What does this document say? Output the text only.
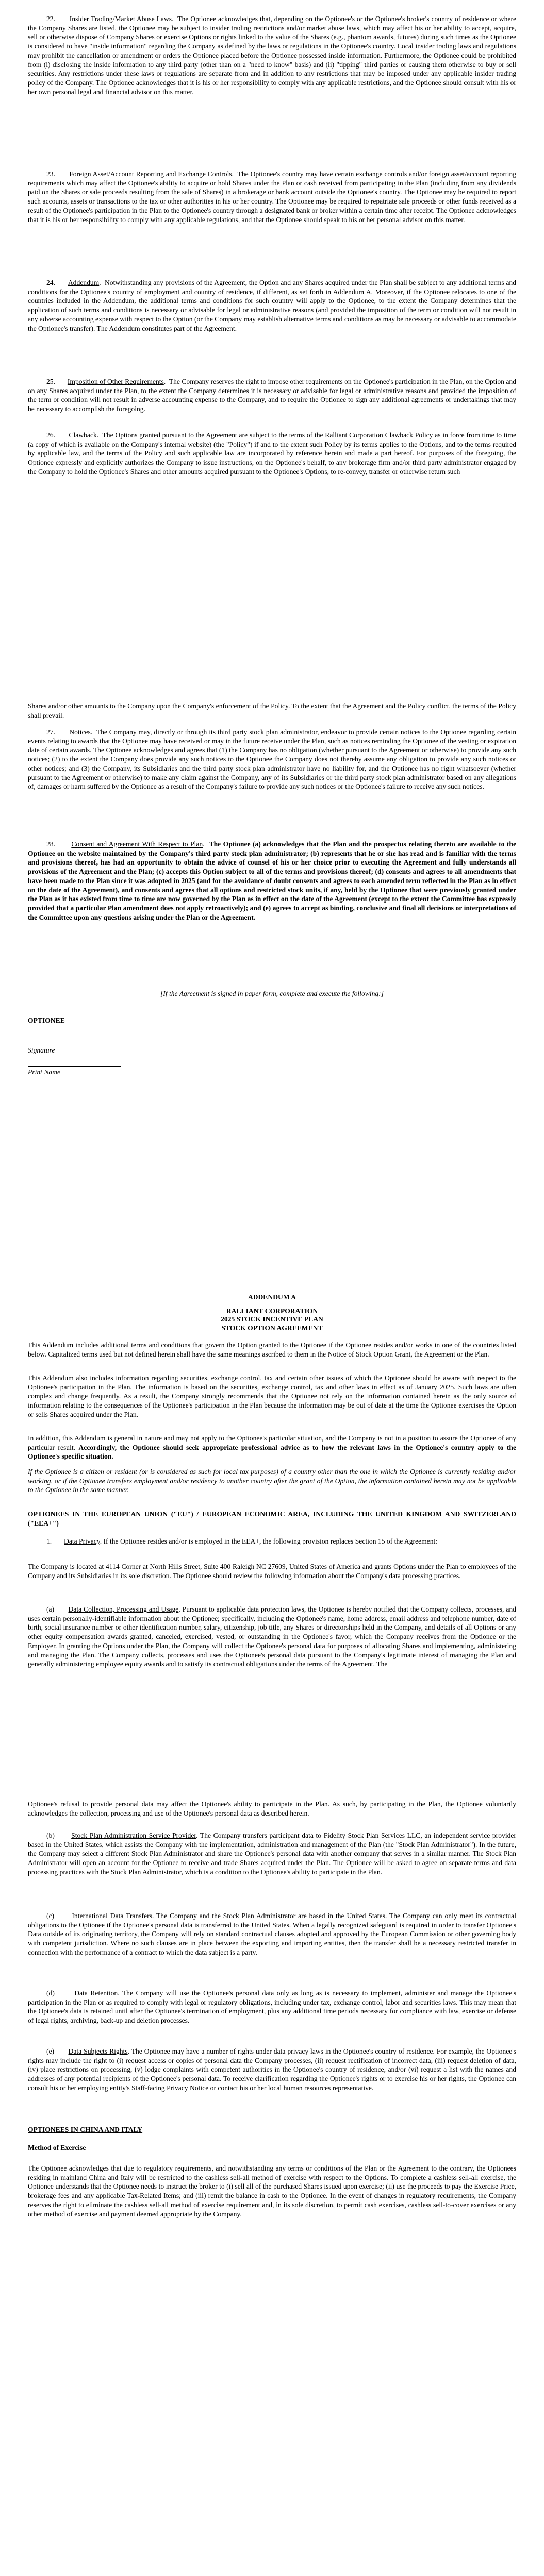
22. Insider Trading/Market Abuse Laws.  The Optionee acknowledges that, depending on the Optionee's or the Optionee's broker's country of residence or where the Company Shares are listed, the Optionee may be subject to insider trading restrictions and/or market abuse laws, which may affect his or her ability to accept, acquire, sell or otherwise dispose of Company Shares or exercise Options or rights linked to the value of the Shares (e.g., phantom awards, futures) during such times as the Optionee is considered to have "inside information" regarding the Company as defined by the laws or regulations in the Optionee's country. Local insider trading laws and regulations may prohibit the cancellation or amendment or orders the Optionee placed before the Optionee possessed inside information. Furthermore, the Optionee could be prohibited from (i) disclosing the inside information to any third party (other than on a "need to know" basis) and (ii) "tipping" third parties or causing them otherwise to buy or sell securities. Any restrictions under these laws or regulations are separate from and in addition to any restrictions that may be imposed under any applicable insider trading policy of the Company. The Optionee acknowledges that it is his or her responsibility to comply with any applicable restrictions, and the Optionee should consult with his or her own personal legal and financial advisor on this matter.

23. Foreign Asset/Account Reporting and Exchange Controls.  The Optionee's country may have certain exchange controls and/or foreign asset/account reporting requirements which may affect the Optionee's ability to acquire or hold Shares under the Plan or cash received from participating in the Plan (including from any dividends paid on the Shares or sale proceeds resulting from the sale of Shares) in a brokerage or bank account outside the Optionee's country. The Optionee may be required to report such accounts, assets or transactions to the tax or other authorities in his or her country. The Optionee may be required to repatriate sale proceeds or other funds received as a result of the Optionee's participation in the Plan to the Optionee's country through a designated bank or broker within a certain time after receipt. The Optionee acknowledges that it is his or her responsibility to comply with any applicable regulations, and that the Optionee should speak to his or her personal advisor on this matter.

24. Addendum.  Notwithstanding any provisions of the Agreement, the Option and any Shares acquired under the Plan shall be subject to any additional terms and conditions for the Optionee's country of employment and country of residence, if different, as set forth in Addendum A. Moreover, if the Optionee relocates to one of the countries included in the Addendum, the additional terms and conditions for such country will apply to the Optionee, to the extent the Company determines that the application of such terms and conditions is necessary or advisable for legal or administrative reasons (and provided the imposition of the term or condition will not result in any adverse accounting expense with respect to the Option (or the Company may establish alternative terms and conditions as may be necessary or advisable to accommodate the Optionee's transfer). The Addendum constitutes part of the Agreement.

25. Imposition of Other Requirements.  The Company reserves the right to impose other requirements on the Optionee's participation in the Plan, on the Option and on any Shares acquired under the Plan, to the extent the Company determines it is necessary or advisable for legal or administrative reasons and provided the imposition of the term or condition will not result in adverse accounting expense to the Company, and to require the Optionee to sign any additional agreements or undertakings that may be necessary to accomplish the foregoing.

26. Clawback.  The Options granted pursuant to the Agreement are subject to the terms of the Ralliant Corporation Clawback Policy as in force from time to time (a copy of which is available on the Company's internal website) (the "Policy") if and to the extent such Policy by its terms applies to the Options, and to the terms required by applicable law, and the terms of the Policy and such applicable law are incorporated by reference herein and made a part hereof. For purposes of the foregoing, the Optionee expressly and explicitly authorizes the Company to issue instructions, on the Optionee's behalf, to any brokerage firm and/or third party administrator engaged by the Company to hold the Optionee's Shares and other amounts acquired pursuant to the Optionee's Options, to re-convey, transfer or otherwise return such

Shares and/or other amounts to the Company upon the Company's enforcement of the Policy. To the extent that the Agreement and the Policy conflict, the terms of the Policy shall prevail.

27. Notices.  The Company may, directly or through its third party stock plan administrator, endeavor to provide certain notices to the Optionee regarding certain events relating to awards that the Optionee may have received or may in the future receive under the Plan, such as notices reminding the Optionee of the vesting or expiration date of certain awards. The Optionee acknowledges and agrees that (1) the Company has no obligation (whether pursuant to the Agreement or otherwise) to provide any such notices; (2) to the extent the Company does provide any such notices to the Optionee the Company does not thereby assume any obligation to provide any such notices or other notices; and (3) the Company, its Subsidiaries and the third party stock plan administrator have no liability for, and the Optionee has no right whatsoever (whether pursuant to the Agreement or otherwise) to make any claim against the Company, any of its Subsidiaries or the third party stock plan administrator based on any allegations of, damages or harm suffered by the Optionee as a result of the Company's failure to provide any such notices or the Optionee's failure to receive any such notices.

28. Consent and Agreement With Respect to Plan.  The Optionee (a) acknowledges that the Plan and the prospectus relating thereto are available to the Optionee on the website maintained by the Company's third party stock plan administrator; (b) represents that he or she has read and is familiar with the terms and provisions thereof, has had an opportunity to obtain the advice of counsel of his or her choice prior to executing the Agreement and fully understands all provisions of the Agreement and the Plan; (c) accepts this Option subject to all of the terms and provisions thereof; (d) consents and agrees to all amendments that have been made to the Plan since it was adopted in 2025 (and for the avoidance of doubt consents and agrees to each amended term reflected in the Plan as in effect on the date of the Agreement), and consents and agrees that all options and restricted stock units, if any, held by the Optionee that were previously granted under the Plan as it has existed from time to time are now governed by the Plan as in effect on the date of the Agreement (except to the extent the Committee has expressly provided that a particular Plan amendment does not apply retroactively); and (e) agrees to accept as binding, conclusive and final all decisions or interpretations of the Committee upon any questions arising under the Plan or the Agreement.

[If the Agreement is signed in paper form, complete and execute the following:]

OPTIONEE

Signature

Print Name

ADDENDUM A
RALLIANT CORPORATION
2025 STOCK INCENTIVE PLAN
STOCK OPTION AGREEMENT

This Addendum includes additional terms and conditions that govern the Option granted to the Optionee if the Optionee resides and/or works in one of the countries listed below. Capitalized terms used but not defined herein shall have the same meanings ascribed to them in the Notice of Stock Option Grant, the Agreement or the Plan.

This Addendum also includes information regarding securities, exchange control, tax and certain other issues of which the Optionee should be aware with respect to the Optionee's participation in the Plan. The information is based on the securities, exchange control, tax and other laws in effect as of January 2025. Such laws are often complex and change frequently. As a result, the Company strongly recommends that the Optionee not rely on the information contained herein as the only source of information relating to the consequences of the Optionee's participation in the Plan because the information may be out of date at the time the Optionee exercises the Option or sells Shares acquired under the Plan.

In addition, this Addendum is general in nature and may not apply to the Optionee's particular situation, and the Company is not in a position to assure the Optionee of any particular result. Accordingly, the Optionee should seek appropriate professional advice as to how the relevant laws in the Optionee's country apply to the Optionee's specific situation.

If the Optionee is a citizen or resident (or is considered as such for local tax purposes) of a country other than the one in which the Optionee is currently residing and/or working, or if the Optionee transfers employment and/or residency to another country after the grant of the Option, the information contained herein may not be applicable to the Optionee in the same manner.

OPTIONEES IN THE EUROPEAN UNION ("EU") / EUROPEAN ECONOMIC AREA, INCLUDING THE UNITED KINGDOM AND SWITZERLAND ("EEA+")

1. Data Privacy. If the Optionee resides and/or is employed in the EEA+, the following provision replaces Section 15 of the Agreement:

The Company is located at 4114 Corner at North Hills Street, Suite 400 Raleigh NC 27609, United States of America and grants Options under the Plan to employees of the Company and its Subsidiaries in its sole discretion. The Optionee should review the following information about the Company's data processing practices.

(a) Data Collection, Processing and Usage. Pursuant to applicable data protection laws, the Optionee is hereby notified that the Company collects, processes, and uses certain personally-identifiable information about the Optionee; specifically, including the Optionee's name, home address, email address and telephone number, date of birth, social insurance number or other identification number, salary, citizenship, job title, any Shares or directorships held in the Company, and details of all Options or any other equity compensation awards granted, canceled, exercised, vested, or outstanding in the Optionee's favor, which the Company receives from the Optionee or the Employer. In granting the Options under the Plan, the Company will collect the Optionee's personal data for purposes of allocating Shares and implementing, administering and managing the Plan. The Company collects, processes and uses the Optionee's personal data pursuant to the Company's legitimate interest of managing the Plan and generally administering employee equity awards and to satisfy its contractual obligations under the terms of the Agreement. The

Optionee's refusal to provide personal data may affect the Optionee's ability to participate in the Plan. As such, by participating in the Plan, the Optionee voluntarily acknowledges the collection, processing and use of the Optionee's personal data as described herein.

(b) Stock Plan Administration Service Provider. The Company transfers participant data to Fidelity Stock Plan Services LLC, an independent service provider based in the United States, which assists the Company with the implementation, administration and management of the Plan (the "Stock Plan Administrator"). In the future, the Company may select a different Stock Plan Administrator and share the Optionee's personal data with another company that serves in a similar manner. The Stock Plan Administrator will open an account for the Optionee to receive and trade Shares acquired under the Plan. The Optionee will be asked to agree on separate terms and data processing practices with the Stock Plan Administrator, which is a condition to the Optionee's ability to participate in the Plan.

(c)	International Data Transfers. The Company and the Stock Plan Administrator are based in the United States. The Company can only meet its contractual obligations to the Optionee if the Optionee's personal data is transferred to the United States. When a legally recognized safeguard is required in order to transfer Optionee's Data outside of its originating territory, the Company will rely on standard contractual clauses adopted and approved by the European Commission or other governing body with competent jurisdiction. Where no such clauses are in place between the exporting and importing entities, then the transfer shall be a necessary restricted transfer in connection with the performance of a contract to which the data subject is a party.

(d)	Data Retention. The Company will use the Optionee's personal data only as long as is necessary to implement, administer and manage the Optionee's participation in the Plan or as required to comply with legal or regulatory obligations, including under tax, exchange control, labor and securities laws. This may mean that the Optionee's data is retained until after the Optionee's termination of employment, plus any additional time periods necessary for compliance with law, exercise or defense of legal rights, archiving, back-up and deletion processes.

(e) Data Subjects Rights. The Optionee may have a number of rights under data privacy laws in the Optionee's country of residence. For example, the Optionee's rights may include the right to (i) request access or copies of personal data the Company processes, (ii) request rectification of incorrect data, (iii) request deletion of data, (iv) place restrictions on processing, (v) lodge complaints with competent authorities in the Optionee's country of residence, and/or (vi) request a list with the names and addresses of any potential recipients of the Optionee's personal data. To receive clarification regarding the Optionee's rights or to exercise his or her rights, the Optionee can consult his or her employing entity's Staff-facing Privacy Notice or contact his or her local human resources representative.

OPTIONEES IN CHINA AND ITALY

Method of Exercise

The Optionee acknowledges that due to regulatory requirements, and notwithstanding any terms or conditions of the Plan or the Agreement to the contrary, the Optionees residing in mainland China and Italy will be restricted to the cashless sell-all method of exercise with respect to the Options. To complete a cashless sell-all exercise, the Optionee understands that the Optionee needs to instruct the broker to (i) sell all of the purchased Shares issued upon exercise; (ii) use the proceeds to pay the Exercise Price, brokerage fees and any applicable Tax-Related Items; and (iii) remit the balance in cash to the Optionee. In the event of changes in regulatory requirements, the Company reserves the right to eliminate the cashless sell-all method of exercise requirement and, in its sole discretion, to permit cash exercises, cashless sell-to-cover exercises or any other method of exercise and payment deemed appropriate by the Company.
